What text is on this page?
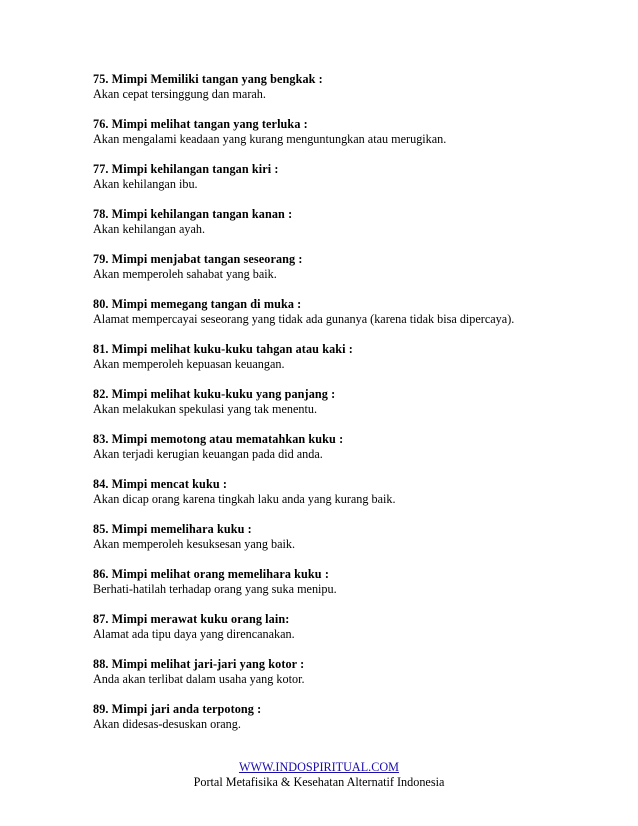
75. Mimpi Memiliki tangan yang bengkak :
Akan cepat tersinggung dan marah.
76. Mimpi melihat tangan yang terluka :
Akan mengalami keadaan yang kurang menguntungkan atau merugikan.
77. Mimpi kehilangan tangan kiri :
Akan kehilangan ibu.
78. Mimpi kehilangan tangan kanan :
Akan kehilangan ayah.
79. Mimpi menjabat tangan seseorang :
Akan memperoleh sahabat yang baik.
80. Mimpi memegang tangan di muka :
Alamat mempercayai seseorang yang tidak ada gunanya (karena tidak bisa dipercaya).
81. Mimpi melihat kuku-kuku tahgan atau kaki :
Akan memperoleh kepuasan keuangan.
82. Mimpi melihat kuku-kuku yang panjang :
Akan melakukan spekulasi yang tak menentu.
83. Mimpi memotong atau mematahkan kuku :
Akan terjadi kerugian keuangan pada did anda.
84. Mimpi mencat kuku :
Akan dicap orang karena tingkah laku anda yang kurang baik.
85. Mimpi memelihara kuku :
Akan memperoleh kesuksesan yang baik.
86. Mimpi melihat orang memelihara kuku :
Berhati-hatilah terhadap orang yang suka menipu.
87. Mimpi merawat kuku orang lain:
Alamat ada tipu daya yang direncanakan.
88. Mimpi melihat jari-jari yang kotor :
Anda akan terlibat dalam usaha yang kotor.
89. Mimpi jari anda terpotong :
Akan didesas-desuskan orang.
WWW.INDOSPIRITUAL.COM
Portal Metafisika & Kesehatan Alternatif Indonesia
